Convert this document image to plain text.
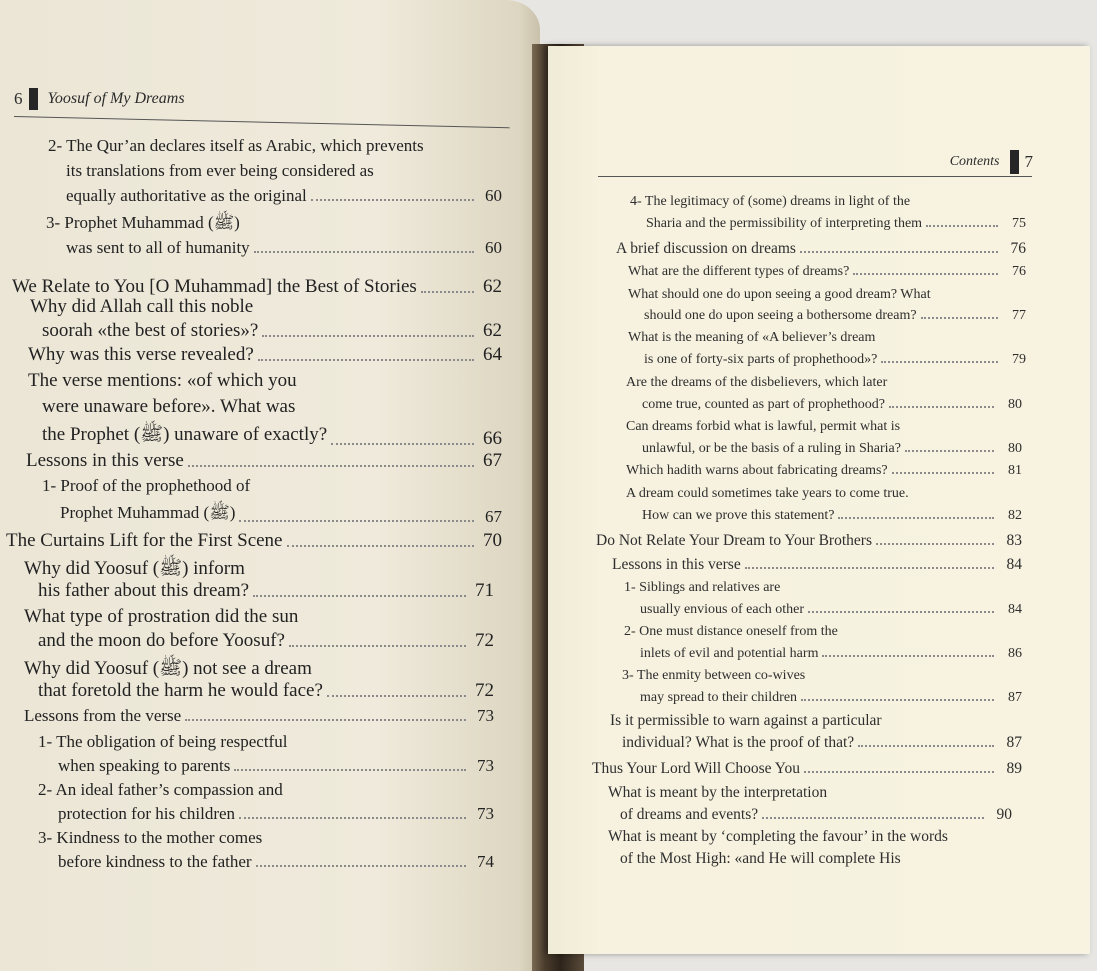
6 Yoosuf of My Dreams
2- The Qur’an declares itself as Arabic, which prevents
its translations from ever being considered as
equally authoritative as the original	60
3- Prophet Muhammad (ﷺ)
was sent to all of humanity	60
We Relate to You [O Muhammad] the Best of Stories	62
Why did Allah call this noble
soorah «the best of stories»?	62
Why was this verse revealed?	64
The verse mentions: «of which you
were unaware before». What was
the Prophet (ﷺ) unaware of exactly?	66
Lessons in this verse	67
1- Proof of the prophethood of
Prophet Muhammad (ﷺ)	67
The Curtains Lift for the First Scene	70
Why did Yoosuf (ﷺ) inform
his father about this dream?	71
What type of prostration did the sun
and the moon do before Yoosuf?	72
Why did Yoosuf (ﷺ) not see a dream
that foretold the harm he would face?	72
Lessons from the verse	73
1- The obligation of being respectful
when speaking to parents	73
2- An ideal father’s compassion and
protection for his children	73
3- Kindness to the mother comes
before kindness to the father	74
Contents 7
4- The legitimacy of (some) dreams in light of the
Sharia and the permissibility of interpreting them	75
A brief discussion on dreams	76
What are the different types of dreams?	76
What should one do upon seeing a good dream? What
should one do upon seeing a bothersome dream?	77
What is the meaning of «A believer’s dream
is one of forty-six parts of prophethood»?	79
Are the dreams of the disbelievers, which later
come true, counted as part of prophethood?	80
Can dreams forbid what is lawful, permit what is
unlawful, or be the basis of a ruling in Sharia?	80
Which hadith warns about fabricating dreams?	81
A dream could sometimes take years to come true.
How can we prove this statement?	82
Do Not Relate Your Dream to Your Brothers	83
Lessons in this verse	84
1- Siblings and relatives are
usually envious of each other	84
2- One must distance oneself from the
inlets of evil and potential harm	86
3- The enmity between co-wives
may spread to their children	87
Is it permissible to warn against a particular
individual? What is the proof of that?	87
Thus Your Lord Will Choose You	89
What is meant by the interpretation
of dreams and events?	90
What is meant by ‘completing the favour’ in the words
of the Most High: «and He will complete His
